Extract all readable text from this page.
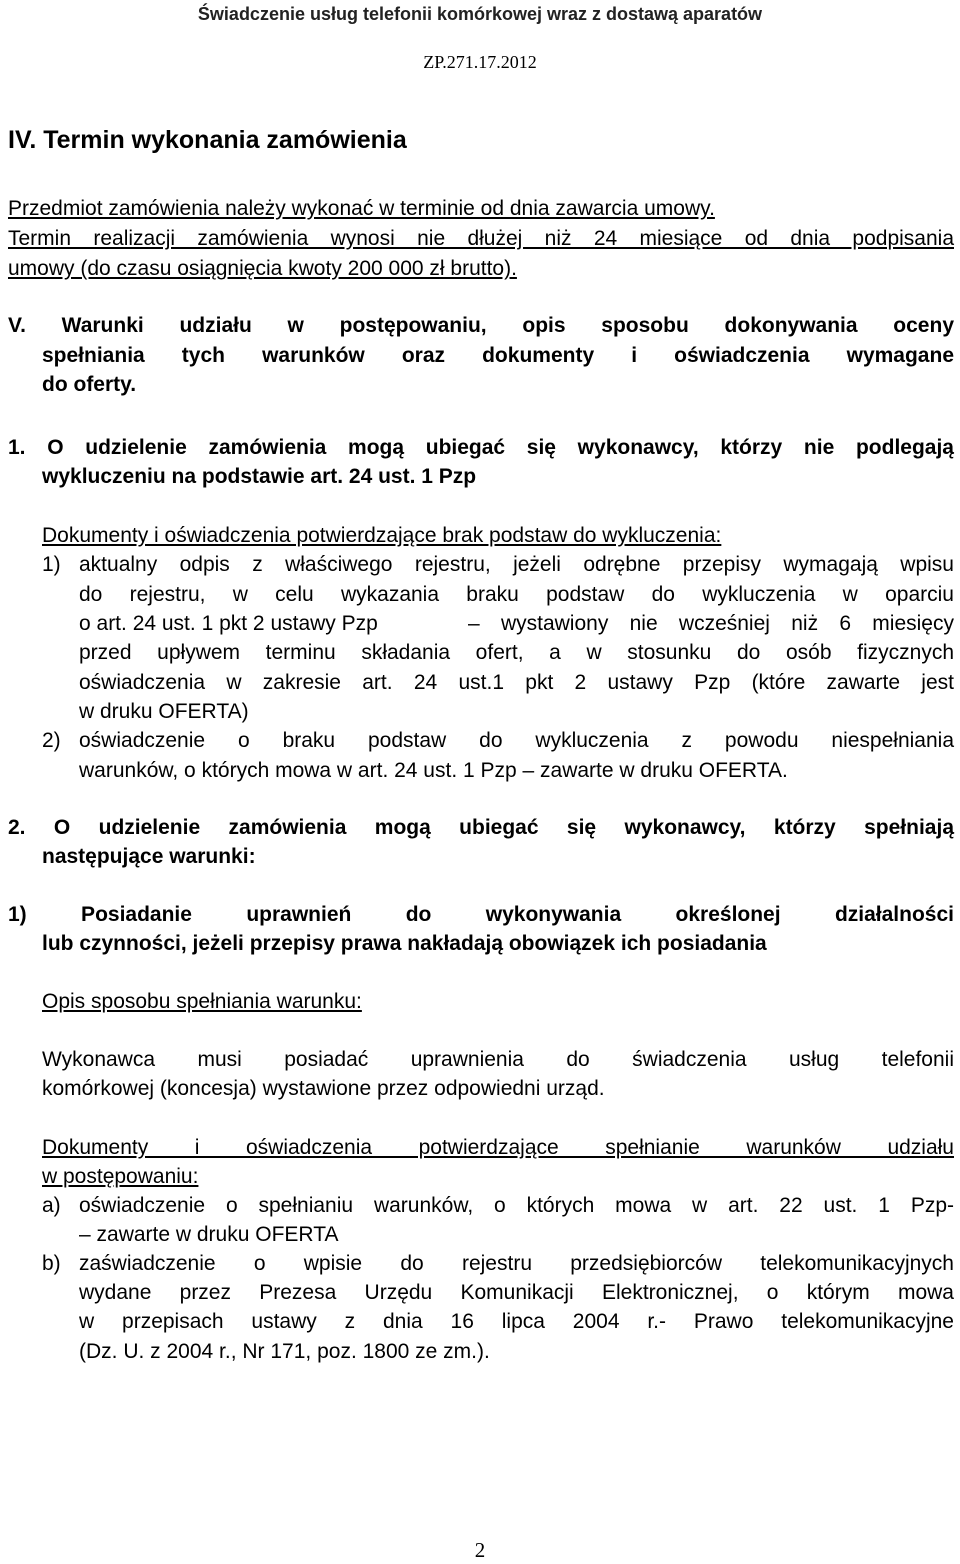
Świadczenie usług telefonii komórkowej wraz z dostawą aparatów
ZP.271.17.2012
IV. Termin wykonania zamówienia
Przedmiot zamówienia należy wykonać w terminie od dnia zawarcia umowy.
Termin realizacji zamówienia wynosi nie dłużej niż 24 miesiące od dnia podpisania
umowy (do czasu osiągnięcia kwoty 200 000 zł brutto).
V. Warunki udziału w postępowaniu, opis sposobu dokonywania oceny
spełniania tych warunków oraz dokumenty i oświadczenia wymagane
do oferty.
1. O udzielenie zamówienia mogą ubiegać się wykonawcy, którzy nie podlegają
wykluczeniu na podstawie art. 24 ust. 1 Pzp
Dokumenty i oświadczenia potwierdzające brak podstaw do wykluczenia:
1) aktualny odpis z właściwego rejestru, jeżeli odrębne przepisy wymagają wpisu
do rejestru, w celu wykazania braku podstaw do wykluczenia w oparciu
o art. 24 ust. 1 pkt 2 ustawy Pzp	– wystawiony nie wcześniej niż 6 miesięcy
przed upływem terminu składania ofert, a w stosunku do osób fizycznych
oświadczenia w zakresie art. 24 ust.1 pkt 2 ustawy Pzp (które zawarte jest
w druku OFERTA)
2) oświadczenie o braku podstaw do wykluczenia z powodu niespełniania
warunków, o których mowa w art. 24 ust. 1 Pzp – zawarte w druku OFERTA.
2. O udzielenie zamówienia mogą ubiegać się wykonawcy, którzy spełniają
następujące warunki:
1) Posiadanie uprawnień do wykonywania określonej działalności
lub czynności, jeżeli przepisy prawa nakładają obowiązek ich posiadania
Opis sposobu spełniania warunku:
Wykonawca musi posiadać uprawnienia do świadczenia usług telefonii
komórkowej (koncesja) wystawione przez odpowiedni urząd.
Dokumenty i oświadczenia potwierdzające spełnianie warunków udziału
w postępowaniu:
a) oświadczenie o spełnianiu warunków, o których mowa w art. 22 ust. 1 Pzp-
– zawarte w druku OFERTA
b) zaświadczenie o wpisie do rejestru przedsiębiorców telekomunikacyjnych
wydane przez Prezesa Urzędu Komunikacji Elektronicznej, o którym mowa
w przepisach ustawy z dnia 16 lipca 2004 r.- Prawo telekomunikacyjne
(Dz. U. z 2004 r., Nr 171, poz. 1800 ze zm.).
2
